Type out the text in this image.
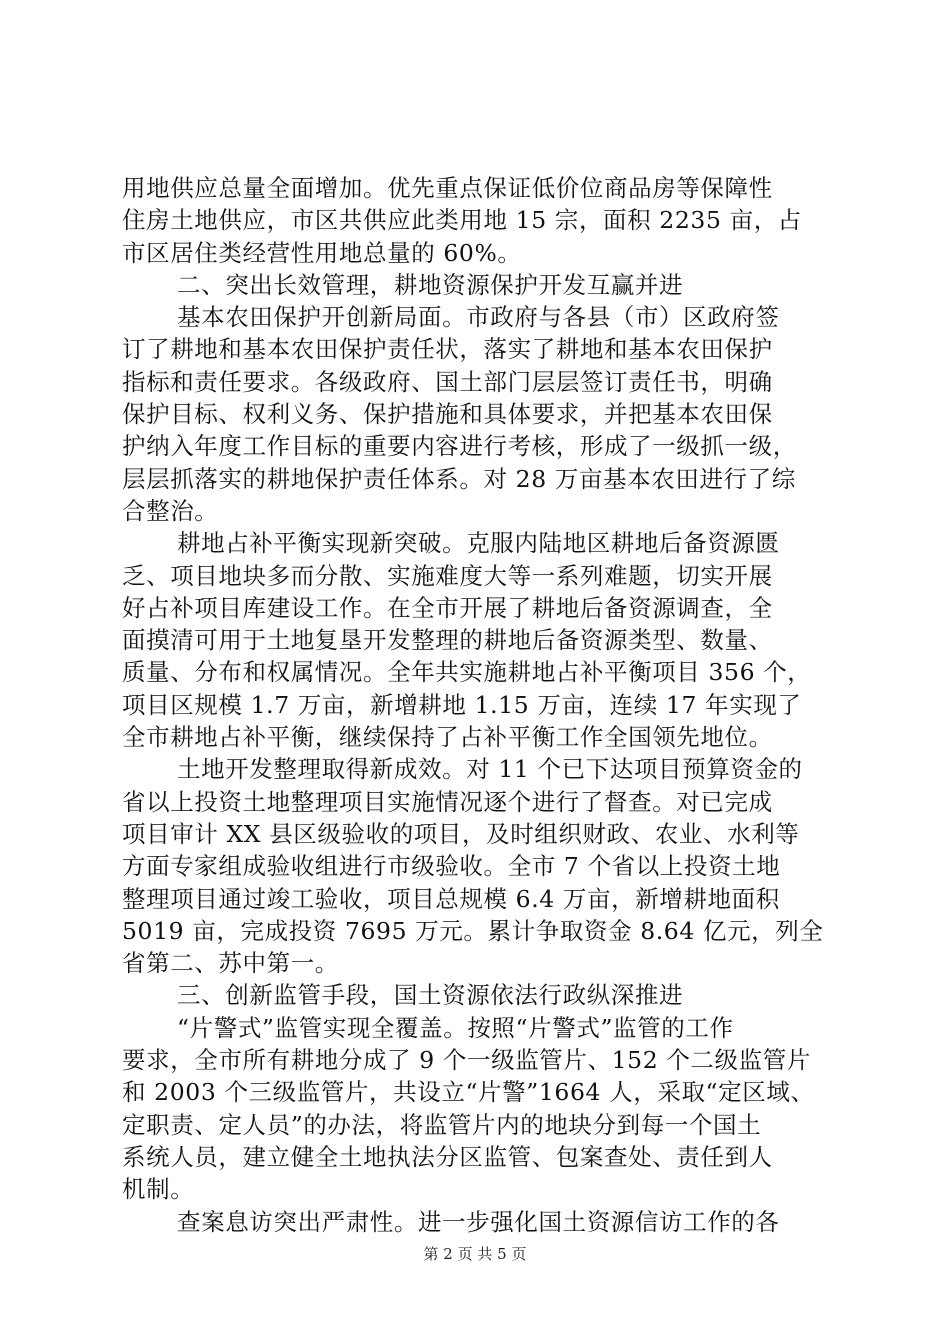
用地供应总量全面增加。优先重点保证低价位商品房等保障性
住房土地供应，市区共供应此类用地 15 宗，面积 2235 亩，占
市区居住类经营性用地总量的 60%。
二、突出长效管理，耕地资源保护开发互赢并进
基本农田保护开创新局面。市政府与各县（市）区政府签
订了耕地和基本农田保护责任状，落实了耕地和基本农田保护
指标和责任要求。各级政府、国土部门层层签订责任书，明确
保护目标、权利义务、保护措施和具体要求，并把基本农田保
护纳入年度工作目标的重要内容进行考核，形成了一级抓一级，
层层抓落实的耕地保护责任体系。对 28 万亩基本农田进行了综
合整治。
耕地占补平衡实现新突破。克服内陆地区耕地后备资源匮
乏、项目地块多而分散、实施难度大等一系列难题，切实开展
好占补项目库建设工作。在全市开展了耕地后备资源调查，全
面摸清可用于土地复垦开发整理的耕地后备资源类型、数量、
质量、分布和权属情况。全年共实施耕地占补平衡项目 356 个，
项目区规模 1.7 万亩，新增耕地 1.15 万亩，连续 17 年实现了
全市耕地占补平衡，继续保持了占补平衡工作全国领先地位。
土地开发整理取得新成效。对 11 个已下达项目预算资金的
省以上投资土地整理项目实施情况逐个进行了督查。对已完成
项目审计 XX 县区级验收的项目，及时组织财政、农业、水利等
方面专家组成验收组进行市级验收。全市 7 个省以上投资土地
整理项目通过竣工验收，项目总规模 6.4 万亩，新增耕地面积
5019 亩，完成投资 7695 万元。累计争取资金 8.64 亿元，列全
省第二、苏中第一。
三、创新监管手段，国土资源依法行政纵深推进
“片警式”监管实现全覆盖。按照“片警式”监管的工作
要求，全市所有耕地分成了 9 个一级监管片、152 个二级监管片
和 2003 个三级监管片，共设立“片警”1664 人，采取“定区域、
定职责、定人员”的办法，将监管片内的地块分到每一个国土
系统人员，建立健全土地执法分区监管、包案查处、责任到人
机制。
查案息访突出严肃性。进一步强化国土资源信访工作的各
第 2 页 共 5 页
